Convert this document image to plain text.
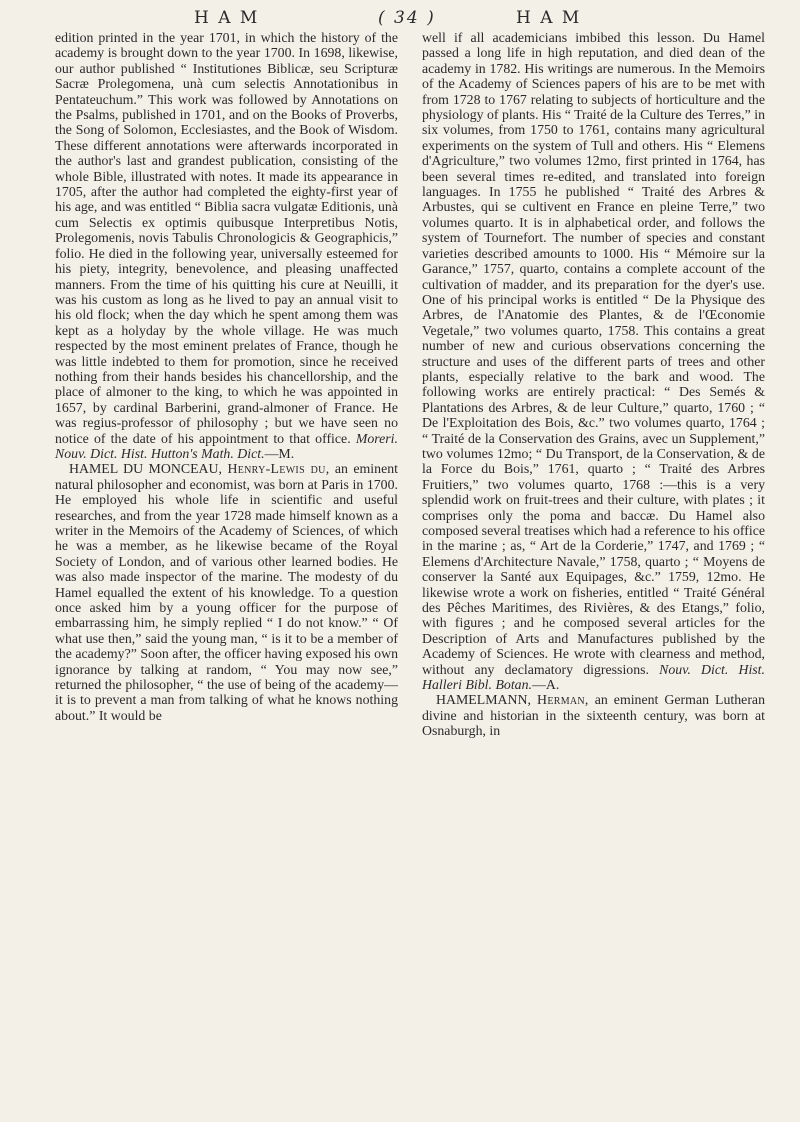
H A M	( 34 )	H A M

edition printed in the year 1701, in which the history of the academy is brought down to the year 1700. In 1698, likewise, our author published “ Institutiones Biblicæ, seu Scripturæ Sacræ Prolegomena, unà cum selectis Annotationibus in Pentateuchum.” This work was followed by Annotations on the Psalms, published in 1701, and on the Books of Proverbs, the Song of Solomon, Ecclesiastes, and the Book of Wisdom. These different annotations were afterwards incorporated in the author's last and grandest publication, consisting of the whole Bible, illustrated with notes. It made its appearance in 1705, after the author had completed the eighty-first year of his age, and was entitled “ Biblia sacra vulgatæ Editionis, unà cum Selectis ex optimis quibusque Interpretibus Notis, Prolegomenis, novis Tabulis Chronologicis & Geographicis,” folio. He died in the following year, universally esteemed for his piety, integrity, benevolence, and pleasing unaffected manners. From the time of his quitting his cure at Neuilli, it was his custom as long as he lived to pay an annual visit to his old flock; when the day which he spent among them was kept as a holyday by the whole village. He was much respected by the most eminent prelates of France, though he was little indebted to them for promotion, since he received nothing from their hands besides his chancellorship, and the place of almoner to the king, to which he was appointed in 1657, by cardinal Barberini, grand-almoner of France. He was regius-professor of philosophy ; but we have seen no notice of the date of his appointment to that office. Moreri. Nouv. Dict. Hist. Hutton's Math. Dict.—M.

HAMEL DU MONCEAU, Henry-Lewis du, an eminent natural philosopher and economist, was born at Paris in 1700. He employed his whole life in scientific and useful researches, and from the year 1728 made himself known as a writer in the Memoirs of the Academy of Sciences, of which he was a member, as he likewise became of the Royal Society of London, and of various other learned bodies. He was also made inspector of the marine. The modesty of du Hamel equalled the extent of his knowledge. To a question once asked him by a young officer for the purpose of embarrassing him, he simply replied “ I do not know.” “ Of what use then,” said the young man, “ is it to be a member of the academy?” Soon after, the officer having exposed his own ignorance by talking at random, “ You may now see,” returned the philosopher, “ the use of being of the academy—it is to prevent a man from talking of what he knows nothing about.” It would be

well if all academicians imbibed this lesson. Du Hamel passed a long life in high reputation, and died dean of the academy in 1782. His writings are numerous. In the Memoirs of the Academy of Sciences papers of his are to be met with from 1728 to 1767 relating to subjects of horticulture and the physiology of plants. His “ Traité de la Culture des Terres,” in six volumes, from 1750 to 1761, contains many agricultural experiments on the system of Tull and others. His “ Elemens d'Agriculture,” two volumes 12mo, first printed in 1764, has been several times re-edited, and translated into foreign languages. In 1755 he published “ Traité des Arbres & Arbustes, qui se cultivent en France en pleine Terre,” two volumes quarto. It is in alphabetical order, and follows the system of Tournefort. The number of species and constant varieties described amounts to 1000. His “ Mémoire sur la Garance,” 1757, quarto, contains a complete account of the cultivation of madder, and its preparation for the dyer's use. One of his principal works is entitled “ De la Physique des Arbres, de l'Anatomie des Plantes, & de l'Œconomie Vegetale,” two volumes quarto, 1758. This contains a great number of new and curious observations concerning the structure and uses of the different parts of trees and other plants, especially relative to the bark and wood. The following works are entirely practical: “ Des Semés & Plantations des Arbres, & de leur Culture,” quarto, 1760 ; “ De l'Exploitation des Bois, &c.” two volumes quarto, 1764 ; “ Traité de la Conservation des Grains, avec un Supplement,” two volumes 12mo; “ Du Transport, de la Conservation, & de la Force du Bois,” 1761, quarto ; “ Traité des Arbres Fruitiers,” two volumes quarto, 1768 :—this is a very splendid work on fruit-trees and their culture, with plates ; it comprises only the poma and baccæ. Du Hamel also composed several treatises which had a reference to his office in the marine ; as, “ Art de la Corderie,” 1747, and 1769 ; “ Elemens d'Architecture Navale,” 1758, quarto ; “ Moyens de conserver la Santé aux Equipages, &c.” 1759, 12mo. He likewise wrote a work on fisheries, entitled “ Traité Général des Pêches Maritimes, des Rivières, & des Etangs,” folio, with figures ; and he composed several articles for the Description of Arts and Manufactures published by the Academy of Sciences. He wrote with clearness and method, without any declamatory digressions. Nouv. Dict. Hist. Halleri Bibl. Botan.—A.

HAMELMANN, Herman, an eminent German Lutheran divine and historian in the sixteenth century, was born at Osnaburgh, in
